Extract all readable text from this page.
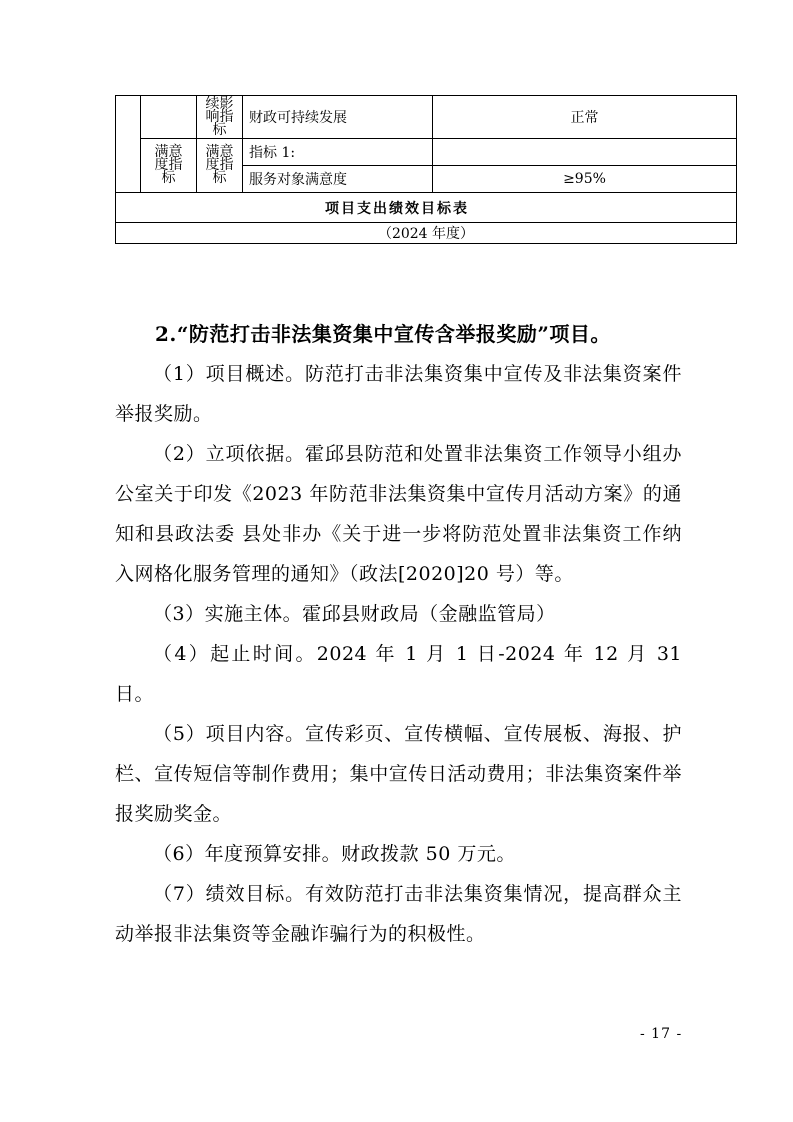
		续影响指标	财政可持续发展	正常
	满意度指标	满意度指标	指标 1:	
			服务对象满意度	≥95%
项目支出绩效目标表				
（2024 年度）				

2.“防范打击非法集资集中宣传含举报奖励”项目。

（1）项目概述。防范打击非法集资集中宣传及非法集资案件举报奖励。

（2）立项依据。霍邱县防范和处置非法集资工作领导小组办公室关于印发《2023 年防范非法集资集中宣传月活动方案》的通知和县政法委 县处非办《关于进一步将防范处置非法集资工作纳入网格化服务管理的通知》（政法[2020]20 号）等。

（3）实施主体。霍邱县财政局（金融监管局）

（4）起止时间。2024 年 1 月 1 日-2024 年 12 月 31 日。

（5）项目内容。宣传彩页、宣传横幅、宣传展板、海报、护栏、宣传短信等制作费用；集中宣传日活动费用；非法集资案件举报奖励奖金。

（6）年度预算安排。财政拨款 50 万元。

（7）绩效目标。有效防范打击非法集资集情况，提高群众主动举报非法集资等金融诈骗行为的积极性。

- 17 -
